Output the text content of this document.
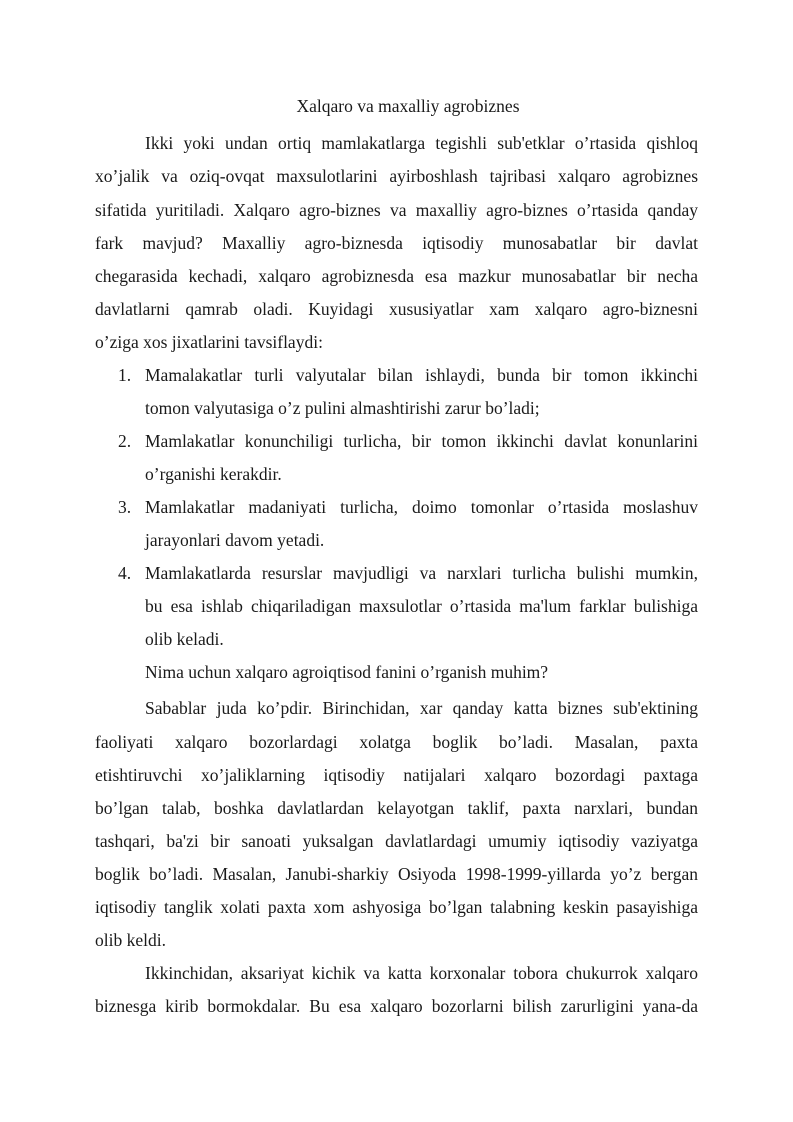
Xalqaro va maxalliy agrobiznes
Ikki yoki undan ortiq mamlakatlarga tegishli sub'etklar o’rtasida qishloq
xo’jalik va oziq-ovqat maxsulotlarini ayirboshlash tajribasi xalqaro agrobiznes
sifatida yuritiladi. Xalqaro agro-biznes va maxalliy agro-biznes o’rtasida qanday
fark mavjud? Maxalliy agro-biznesda iqtisodiy munosabatlar bir davlat
chegarasida kechadi, xalqaro agrobiznesda esa mazkur munosabatlar bir necha
davlatlarni qamrab oladi. Kuyidagi xususiyatlar xam xalqaro agro-biznesni
o’ziga xos jixatlarini tavsiflaydi:
1. Mamalakatlar turli valyutalar bilan ishlaydi, bunda bir tomon ikkinchi
tomon valyutasiga o’z pulini almashtirishi zarur bo’ladi;
2. Mamlakatlar konunchiligi turlicha, bir tomon ikkinchi davlat konunlarini
o’rganishi kerakdir.
3. Mamlakatlar madaniyati turlicha, doimo tomonlar o’rtasida moslashuv
jarayonlari davom yetadi.
4. Mamlakatlarda resurslar mavjudligi va narxlari turlicha bulishi mumkin,
bu esa ishlab chiqariladigan maxsulotlar o’rtasida ma'lum farklar bulishiga
olib keladi.
Nima uchun xalqaro agroiqtisod fanini o’rganish muhim?
Sabablar juda ko’pdir. Birinchidan, xar qanday katta biznes sub'ektining
faoliyati xalqaro bozorlardagi xolatga boglik bo’ladi. Masalan, paxta
etishtiruvchi xo’jaliklarning iqtisodiy natijalari xalqaro bozordagi paxtaga
bo’lgan talab, boshka davlatlardan kelayotgan taklif, paxta narxlari, bundan
tashqari, ba'zi bir sanoati yuksalgan davlatlardagi umumiy iqtisodiy vaziyatga
boglik bo’ladi. Masalan, Janubi-sharkiy Osiyoda 1998-1999-yillarda yo’z bergan
iqtisodiy tanglik xolati paxta xom ashyosiga bo’lgan talabning keskin pasayishiga
olib keldi.
Ikkinchidan, aksariyat kichik va katta korxonalar tobora chukurrok xalqaro
biznesga kirib bormokdalar. Bu esa xalqaro bozorlarni bilish zarurligini yana-da
